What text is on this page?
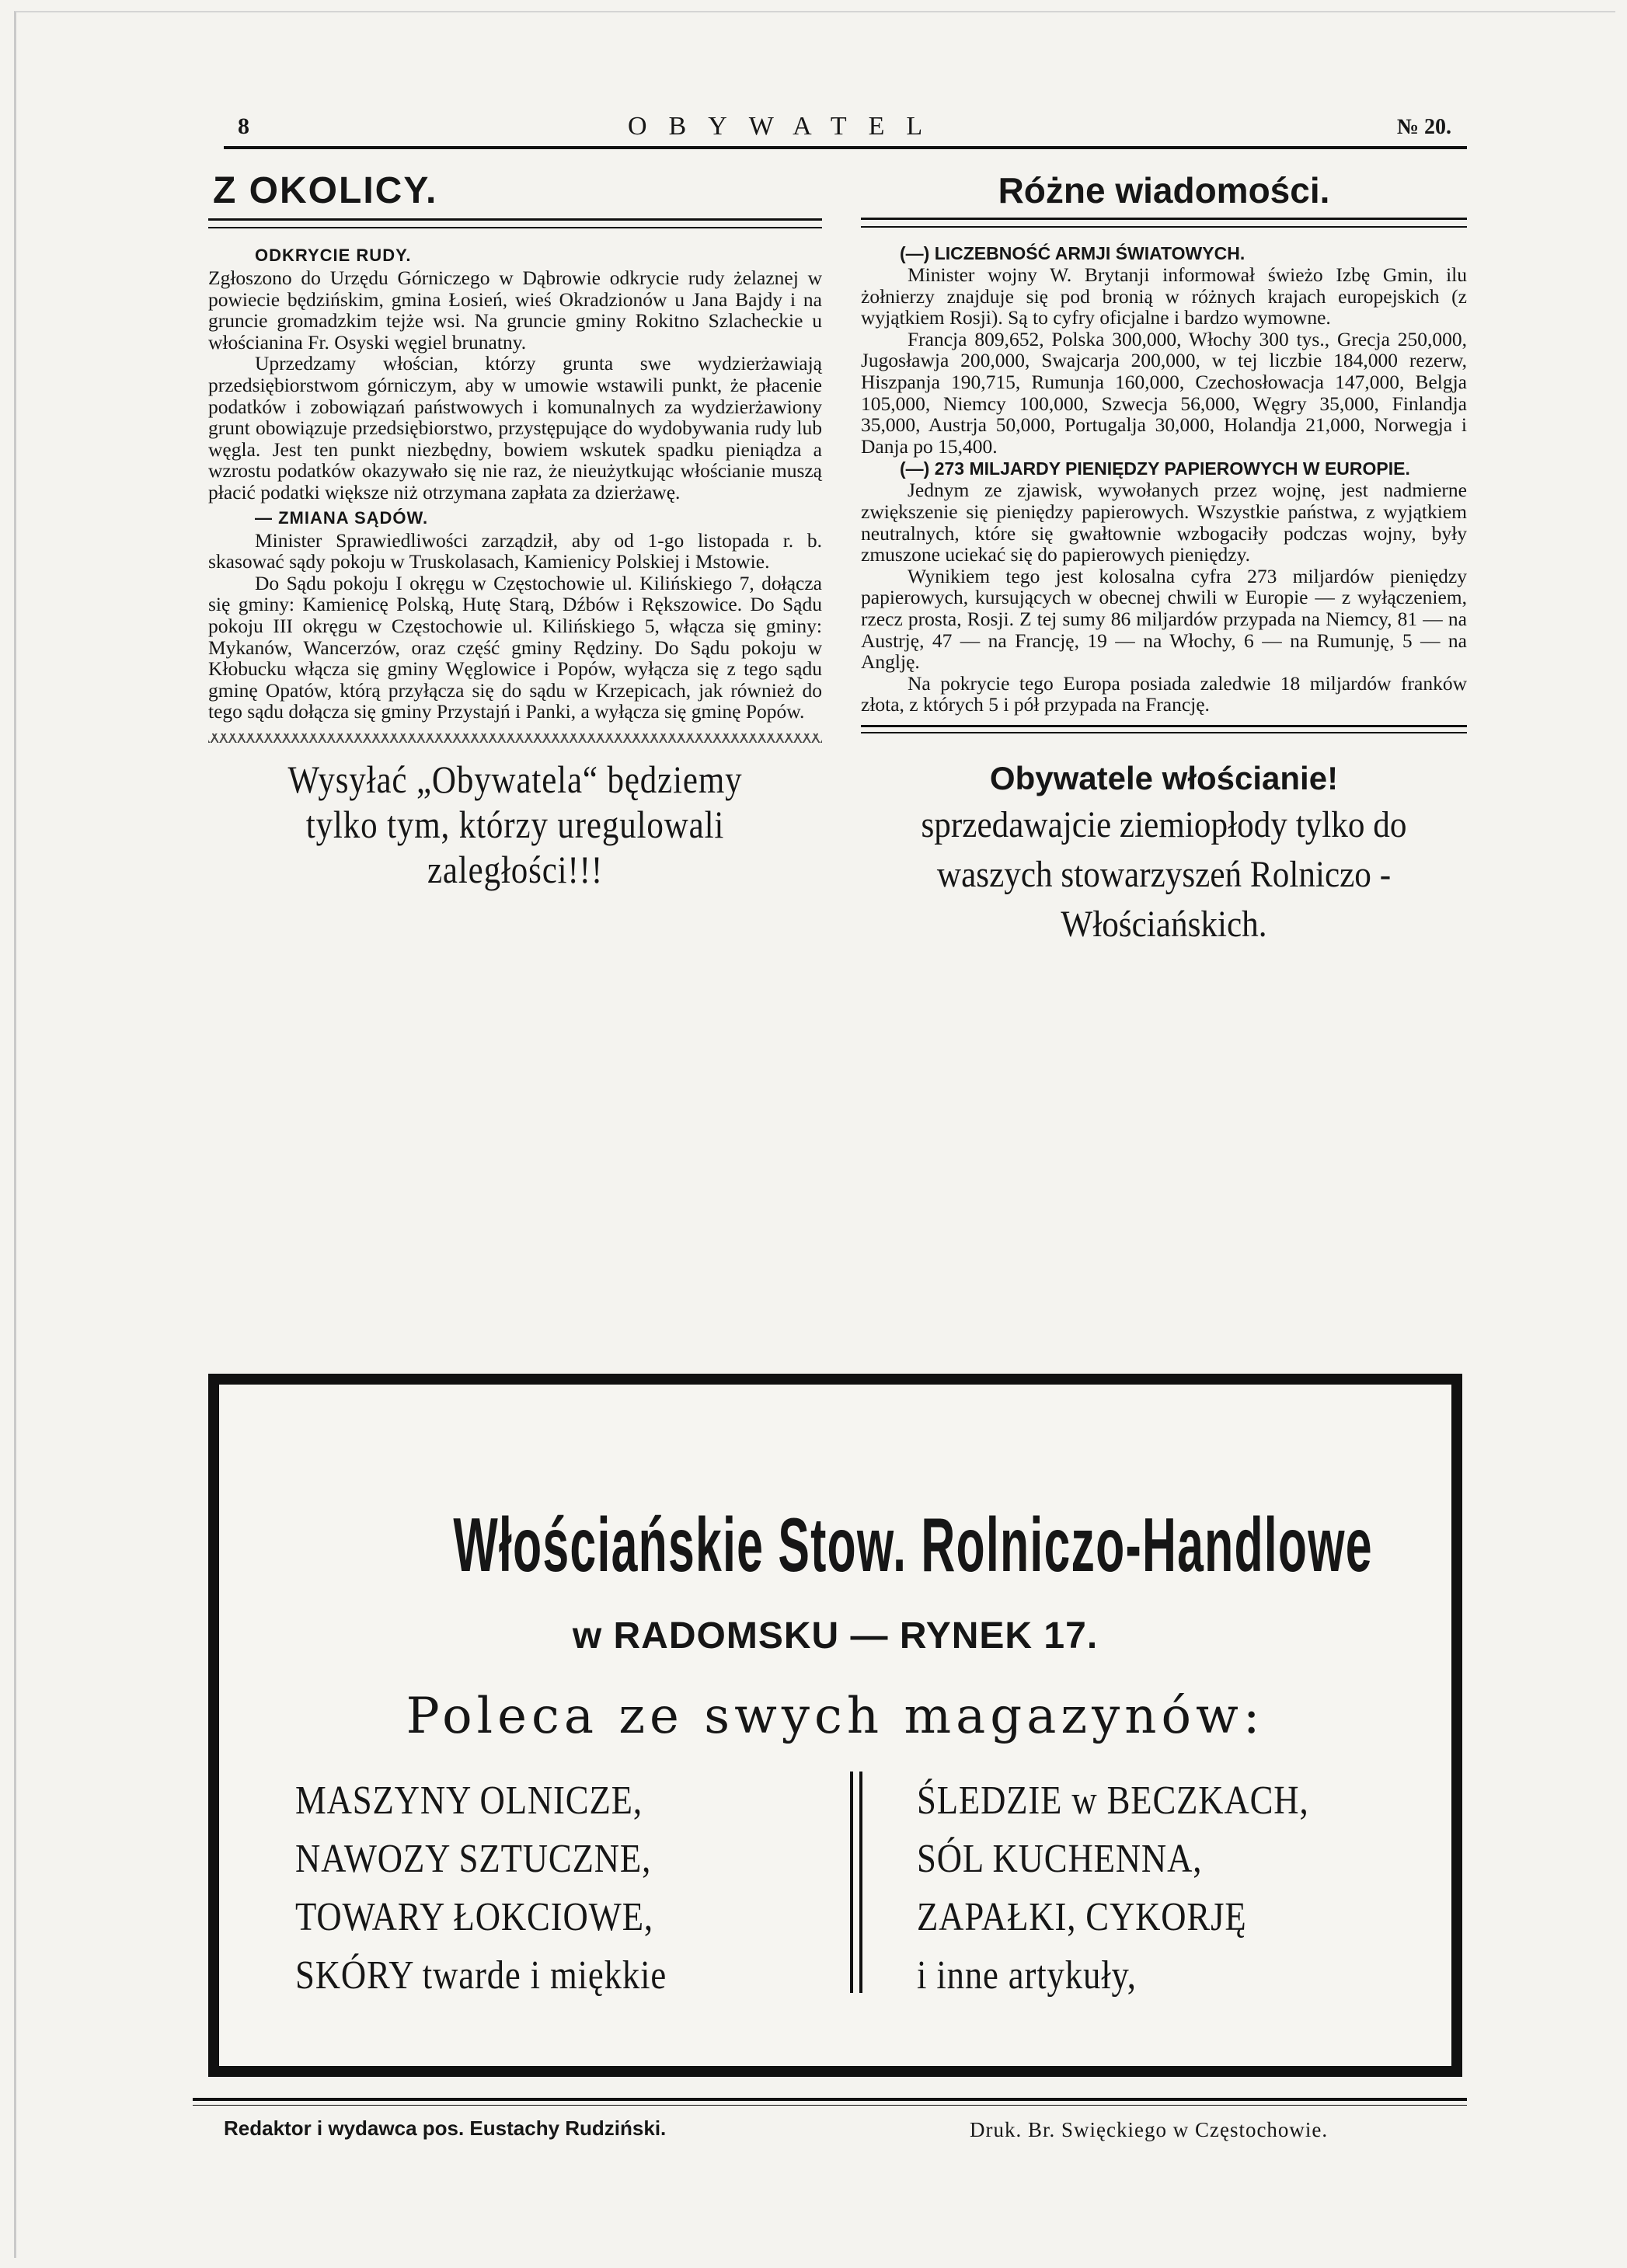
8	OBYWATEL	№ 20.
Z OKOLICY.
ODKRYCIE RUDY.

Zgłoszono do Urzędu Górniczego w Dąbrowie odkrycie rudy żelaznej w powiecie będzińskim, gmina Łosień, wieś Okradzionów u Jana Bajdy i na gruncie gromadzkim tejże wsi. Na gruncie gminy Rokitno Szlacheckie u włościanina Fr. Osyski węgiel brunatny.

Uprzedzamy włościan, którzy grunta swe wydzierżawiają przedsiębiorstwom górniczym, aby w umowie wstawili punkt, że płacenie podatków i zobowiązań państwowych i komunalnych za wydzierżawiony grunt obowiązuje przedsiębiorstwo, przystępujące do wydobywania rudy lub węgla. Jest ten punkt niezbędny, bowiem wskutek spadku pieniądza a wzrostu podatków okazywało się nie raz, że nieużytkując włościanie muszą płacić podatki większe niż otrzymana zapłata za dzierżawę.

— ZMIANA SĄDÓW.

Minister Sprawiedliwości zarządził, aby od 1-go listopada r. b. skasować sądy pokoju w Truskolasach, Kamienicy Polskiej i Mstowie.

Do Sądu pokoju I okręgu w Częstochowie ul. Kilińskiego 7, dołącza się gminy: Kamienicę Polską, Hutę Starą, Dźbów i Rększowice. Do Sądu pokoju III okręgu w Częstochowie ul. Kilińskiego 5, włącza się gminy: Mykanów, Wancerzów, oraz część gminy Rędziny. Do Sądu pokoju w Kłobucku włącza się gminy Węglowice i Popów, wyłącza się z tego sądu gminę Opatów, którą przyłącza się do sądu w Krzepicach, jak również do tego sądu dołącza się gminy Przystajń i Panki, a wyłącza się gminę Popów.

Wysyłać „Obywatela“ będziemy tylko tym, którzy uregulowali zaległości!!!
Różne wiadomości.
(—) LICZEBNOŚĆ ARMJI ŚWIATOWYCH.

Minister wojny W. Brytanji informował świeżo Izbę Gmin, ilu żołnierzy znajduje się pod bronią w różnych krajach europejskich (z wyjątkiem Rosji). Są to cyfry oficjalne i bardzo wymowne.

Francja 809,652, Polska 300,000, Włochy 300 tys., Grecja 250,000, Jugosławja 200,000, Swajcarja 200,000, w tej liczbie 184,000 rezerw, Hiszpanja 190,715, Rumunja 160,000, Czechosłowacja 147,000, Belgja 105,000, Niemcy 100,000, Szwecja 56,000, Węgry 35,000, Finlandja 35,000, Austrja 50,000, Portugalja 30,000, Holandja 21,000, Norwegja i Danja po 15,400.

(—) 273 MILJARDY PIENIĘDZY PAPIEROWYCH W EUROPIE.

Jednym ze zjawisk, wywołanych przez wojnę, jest nadmierne zwiększenie się pieniędzy papierowych. Wszystkie państwa, z wyjątkiem neutralnych, które się gwałtownie wzbogaciły podczas wojny, były zmuszone uciekać się do papierowych pieniędzy.

Wynikiem tego jest kolosalna cyfra 273 miljardów pieniędzy papierowych, kursujących w obecnej chwili w Europie — z wyłączeniem, rzecz prosta, Rosji. Z tej sumy 86 miljardów przypada na Niemcy, 81 — na Austrję, 47 — na Francję, 19 — na Włochy, 6 — na Rumunję, 5 — na Anglję.

Na pokrycie tego Europa posiada zaledwie 18 miljardów franków złota, z których 5 i pół przypada na Francję.

Obywatele włościanie!
sprzedawajcie ziemiopłody tylko do waszych stowarzyszeń Rolniczo - Włościańskich.
Włościańskie Stow. Rolniczo-Handlowe
w RADOMSKU — RYNEK 17.
Poleca ze swych magazynów:
MASZYNY OLNICZE,
NAWOZY SZTUCZNE,
TOWARY ŁOKCIOWE,
SKÓRY twarde i miękkie
ŚLEDZIE w BECZKACH,
SÓL KUCHENNA,
ZAPAŁKI, CYKORJĘ
i inne artykuły,
Redaktor i wydawca pos. Eustachy Rudziński.	Druk. Br. Swięckiego w Częstochowie.
